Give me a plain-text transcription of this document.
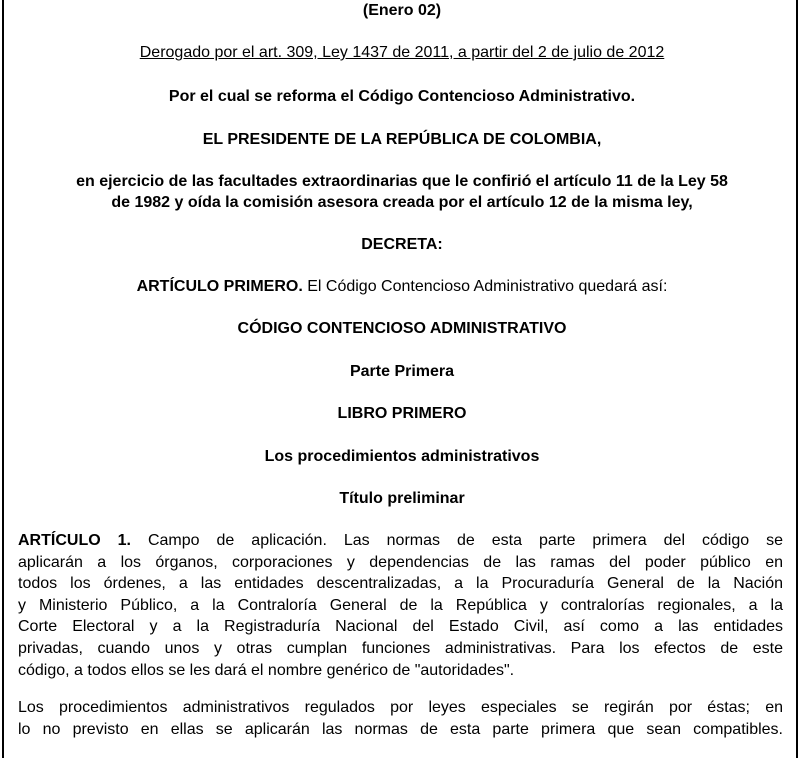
(Enero 02)
Derogado por el art. 309, Ley 1437 de 2011, a partir del 2 de julio de 2012
Por el cual se reforma el Código Contencioso Administrativo.
EL PRESIDENTE DE LA REPÚBLICA DE COLOMBIA,
en ejercicio de las facultades extraordinarias que le confirió el artículo 11 de la Ley 58
de 1982 y oída la comisión asesora creada por el artículo 12 de la misma ley,
DECRETA:
ARTÍCULO PRIMERO. El Código Contencioso Administrativo quedará así:
CÓDIGO CONTENCIOSO ADMINISTRATIVO
Parte Primera
LIBRO PRIMERO
Los procedimientos administrativos
Título preliminar
ARTÍCULO 1. Campo de aplicación. Las normas de esta parte primera del código se
aplicarán a los órganos, corporaciones y dependencias de las ramas del poder público en
todos los órdenes, a las entidades descentralizadas, a la Procuraduría General de la Nación
y Ministerio Público, a la Contraloría General de la República y contralorías regionales, a la
Corte Electoral y a la Registraduría Nacional del Estado Civil, así como a las entidades
privadas, cuando unos y otras cumplan funciones administrativas. Para los efectos de este
código, a todos ellos se les dará el nombre genérico de "autoridades".
Los procedimientos administrativos regulados por leyes especiales se regirán por éstas; en
lo no previsto en ellas se aplicarán las normas de esta parte primera que sean compatibles.
